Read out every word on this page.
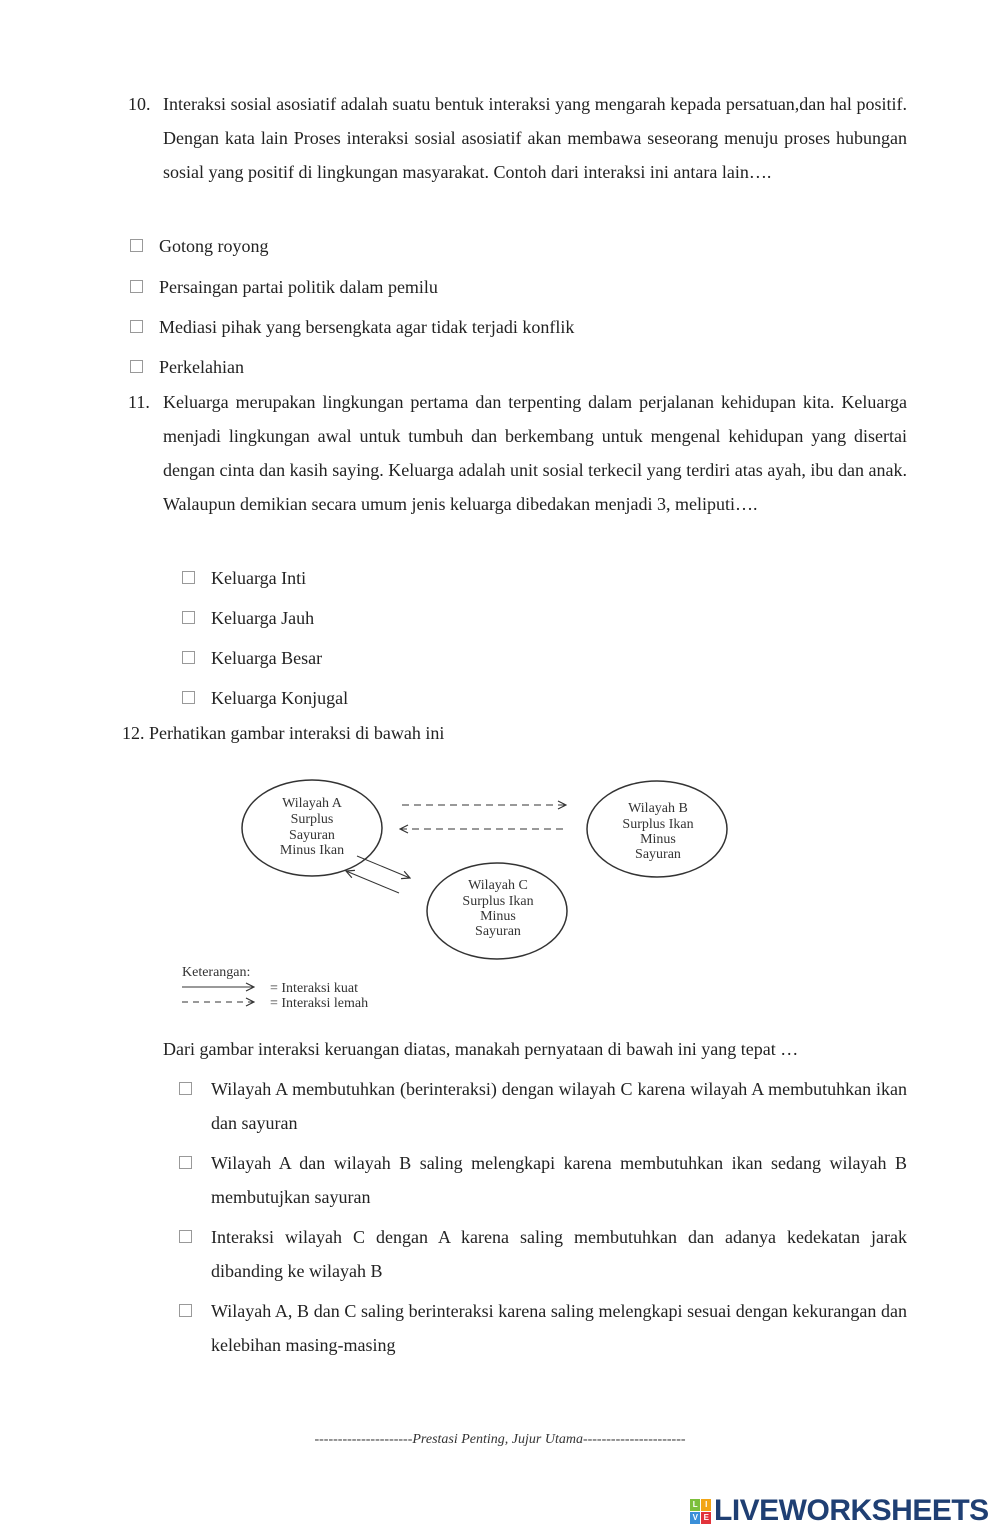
10. Interaksi sosial asosiatif adalah suatu bentuk interaksi yang mengarah kepada persatuan,dan hal positif. Dengan kata lain Proses interaksi sosial asosiatif akan membawa seseorang menuju proses hubungan sosial yang positif di lingkungan masyarakat. Contoh dari interaksi ini antara lain….
Gotong royong
Persaingan partai politik dalam pemilu
Mediasi pihak yang bersengkata agar tidak terjadi konflik
Perkelahian
11. Keluarga merupakan lingkungan pertama dan terpenting dalam perjalanan kehidupan kita. Keluarga menjadi lingkungan awal untuk tumbuh dan berkembang untuk mengenal kehidupan yang disertai dengan cinta dan kasih saying. Keluarga adalah unit sosial terkecil yang terdiri atas ayah, ibu dan anak. Walaupun demikian secara umum jenis keluarga dibedakan menjadi 3, meliputi….
Keluarga Inti
Keluarga Jauh
Keluarga Besar
Keluarga Konjugal
12. Perhatikan gambar interaksi di bawah ini
Wilayah A
Surplus
Sayuran
Minus Ikan
Wilayah B
Surplus Ikan
Minus
Sayuran
Wilayah C
Surplus Ikan
Minus
Sayuran
Keterangan:
= Interaksi kuat
= Interaksi lemah
Dari gambar interaksi keruangan diatas, manakah pernyataan di bawah ini yang tepat …
Wilayah A membutuhkan (berinteraksi) dengan wilayah C karena wilayah A membutuhkan ikan dan sayuran
Wilayah A dan wilayah B saling melengkapi karena membutuhkan ikan sedang wilayah B membutujkan sayuran
Interaksi wilayah C dengan A karena saling membutuhkan dan adanya kedekatan jarak dibanding ke wilayah B
Wilayah A, B dan C saling berinteraksi karena saling melengkapi sesuai dengan kekurangan dan kelebihan masing-masing
---------------------Prestasi Penting, Jujur Utama----------------------
L I
V E LIVEWORKSHEETS
